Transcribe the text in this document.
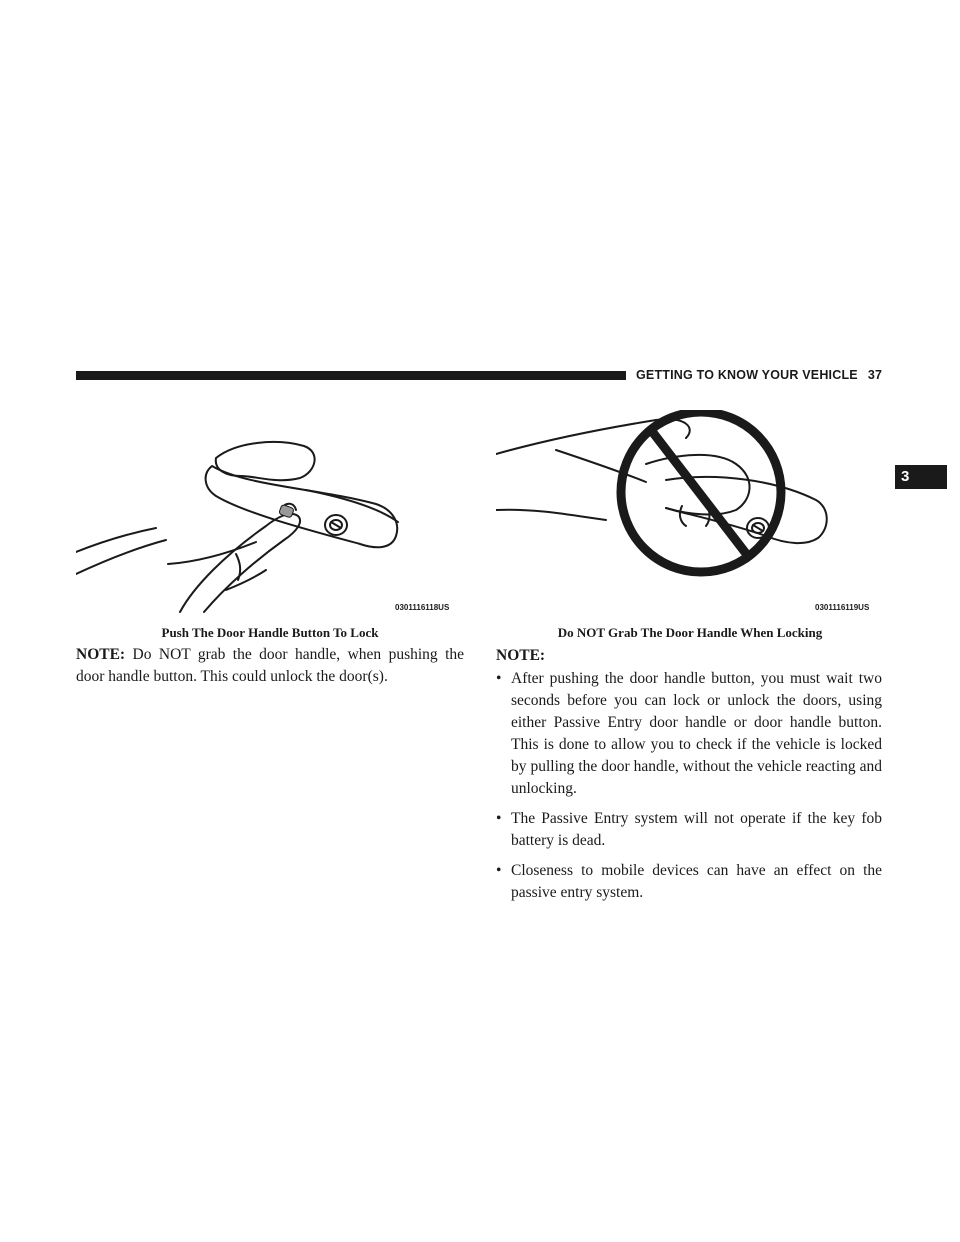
GETTING TO KNOW YOUR VEHICLE 37
3
0301116118US
Push The Door Handle Button To Lock
0301116119US
Do NOT Grab The Door Handle When Locking
NOTE: Do NOT grab the door handle, when pushing the door handle button. This could unlock the door(s).
NOTE:
• After pushing the door handle button, you must wait two seconds before you can lock or unlock the doors, using either Passive Entry door handle or door handle button. This is done to allow you to check if the vehicle is locked by pulling the door handle, without the vehicle reacting and unlocking.
• The Passive Entry system will not operate if the key fob battery is dead.
• Closeness to mobile devices can have an effect on the passive entry system.
